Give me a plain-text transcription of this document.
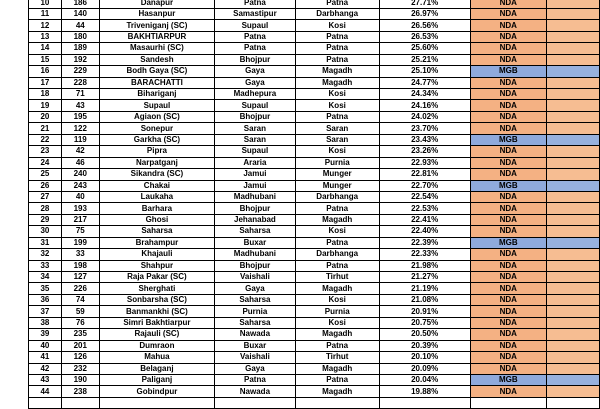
10	186	Danapur	Patna	Patna	27.71%	NDA	
11	140	Hasanpur	Samastipur	Darbhanga	26.97%	NDA	
12	44	Triveniganj (SC)	Supaul	Kosi	26.56%	NDA	
13	180	BAKHTIARPUR	Patna	Patna	26.53%	NDA	
14	189	Masaurhi (SC)	Patna	Patna	25.60%	NDA	
15	192	Sandesh	Bhojpur	Patna	25.21%	NDA	
16	229	Bodh Gaya (SC)	Gaya	Magadh	25.10%	MGB	
17	228	BARACHATTI	Gaya	Magadh	24.77%	NDA	
18	71	Bihariganj	Madhepura	Kosi	24.34%	NDA	
19	43	Supaul	Supaul	Kosi	24.16%	NDA	
20	195	Agiaon (SC)	Bhojpur	Patna	24.02%	NDA	
21	122	Sonepur	Saran	Saran	23.70%	NDA	
22	119	Garkha (SC)	Saran	Saran	23.43%	MGB	
23	42	Pipra	Supaul	Kosi	23.26%	NDA	
24	46	Narpatganj	Araria	Purnia	22.93%	NDA	
25	240	Sikandra (SC)	Jamui	Munger	22.81%	NDA	
26	243	Chakai	Jamui	Munger	22.70%	MGB	
27	40	Laukaha	Madhubani	Darbhanga	22.54%	NDA	
28	193	Barhara	Bhojpur	Patna	22.53%	NDA	
29	217	Ghosi	Jehanabad	Magadh	22.41%	NDA	
30	75	Saharsa	Saharsa	Kosi	22.40%	NDA	
31	199	Brahampur	Buxar	Patna	22.39%	MGB	
32	33	Khajauli	Madhubani	Darbhanga	22.33%	NDA	
33	198	Shahpur	Bhojpur	Patna	21.98%	NDA	
34	127	Raja Pakar (SC)	Vaishali	Tirhut	21.27%	NDA	
35	226	Sherghati	Gaya	Magadh	21.19%	NDA	
36	74	Sonbarsha (SC)	Saharsa	Kosi	21.08%	NDA	
37	59	Banmankhi (SC)	Purnia	Purnia	20.91%	NDA	
38	76	Simri Bakhtiarpur	Saharsa	Kosi	20.75%	NDA	
39	235	Rajauli (SC)	Nawada	Magadh	20.50%	NDA	
40	201	Dumraon	Buxar	Patna	20.39%	NDA	
41	126	Mahua	Vaishali	Tirhut	20.10%	NDA	
42	232	Belaganj	Gaya	Magadh	20.09%	NDA	
43	190	Paliganj	Patna	Patna	20.04%	MGB	
44	238	Gobindpur	Nawada	Magadh	19.88%	NDA	
